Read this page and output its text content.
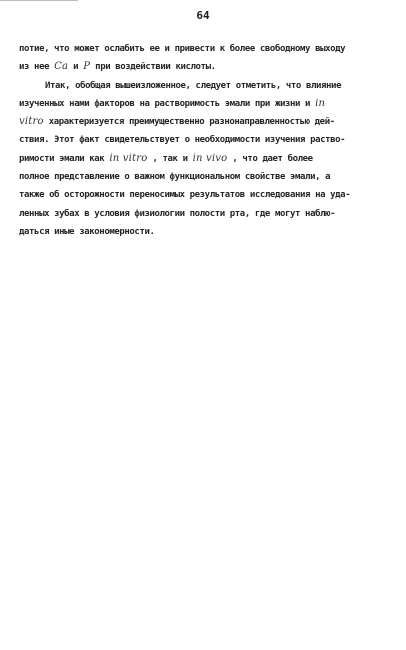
64
потие, что может ослабить ее и привести к более свободному выходу
из нее Са и Р при воздействии кислоты.
Итак, обобщая вышеизложенное, следует отметить, что влияние
изученных нами факторов на растворимость эмали при жизни и in
vitro характеризуется преимущественно разнонаправленностью дей-
ствия. Этот факт свидетельствует о необходимости изучения раство-
римости эмали как in vitro , так и in vivo , что дает более
полное представление о важном функциональном свойстве эмали, а
также об осторожности переносимых результатов исследования на уда-
ленных зубах в условия физиологии полости рта, где могут наблю-
даться иные закономерности.
